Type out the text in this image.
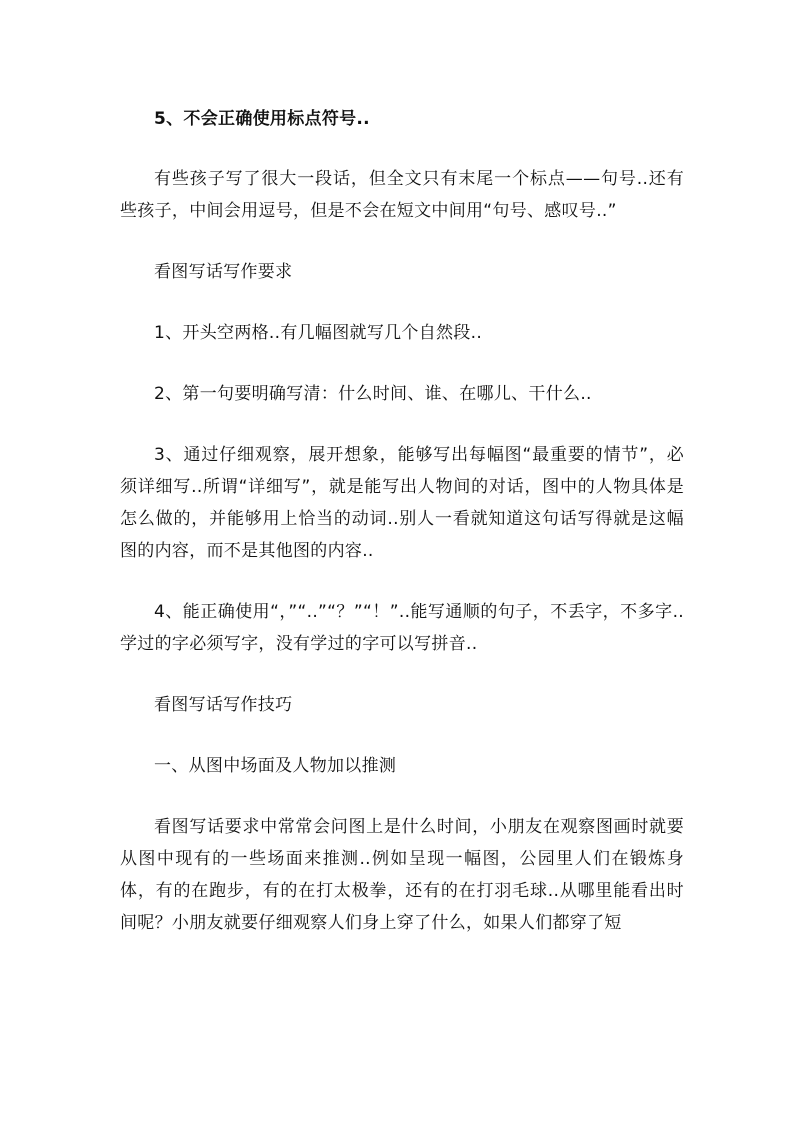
5、不会正确使用标点符号..

有些孩子写了很大一段话，但全文只有末尾一个标点——句号..还有些孩子，中间会用逗号，但是不会在短文中间用“句号、感叹号..”

看图写话写作要求

1、开头空两格..有几幅图就写几个自然段..

2、第一句要明确写清：什么时间、谁、在哪儿、干什么..

3、通过仔细观察，展开想象，能够写出每幅图“最重要的情节”，必须详细写..所谓“详细写”，就是能写出人物间的对话，图中的人物具体是怎么做的，并能够用上恰当的动词..别人一看就知道这句话写得就是这幅图的内容，而不是其他图的内容..

4、能正确使用“，”“..”“？”“！”..能写通顺的句子，不丢字，不多字..学过的字必须写字，没有学过的字可以写拼音..

看图写话写作技巧

一、从图中场面及人物加以推测

看图写话要求中常常会问图上是什么时间，小朋友在观察图画时就要从图中现有的一些场面来推测..例如呈现一幅图，公园里人们在锻炼身体，有的在跑步，有的在打太极拳，还有的在打羽毛球..从哪里能看出时间呢？小朋友就要仔细观察人们身上穿了什么，如果人们都穿了短
